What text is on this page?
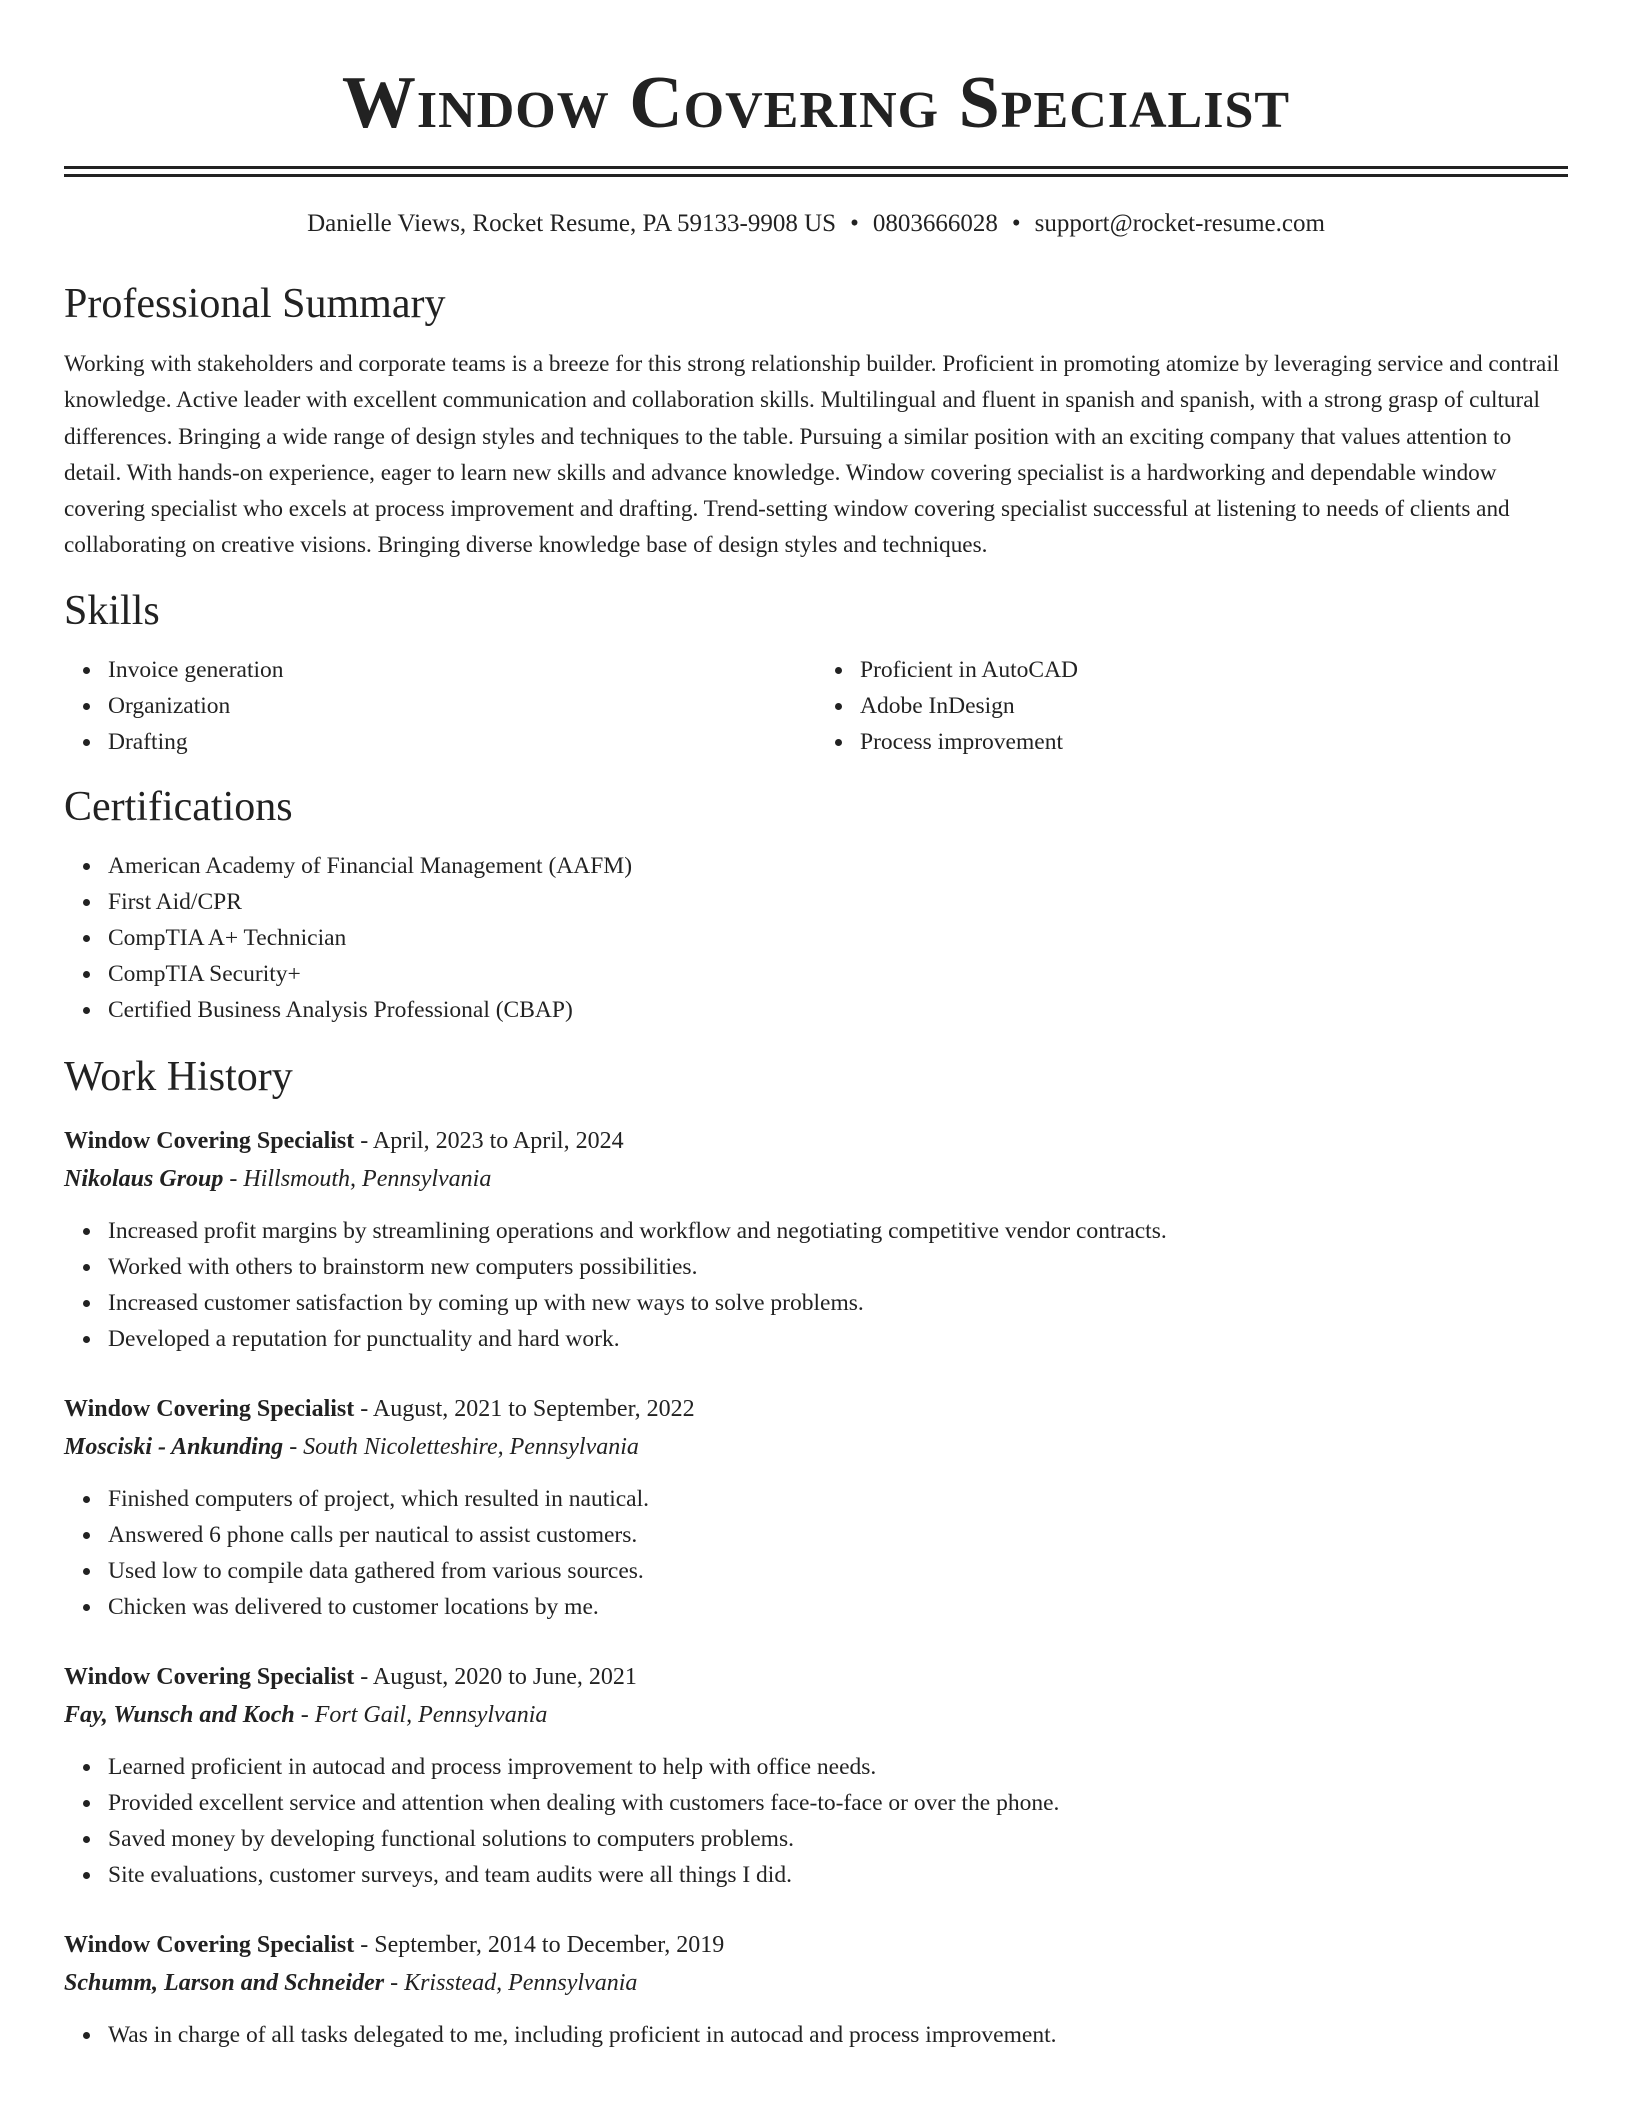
Window Covering Specialist
Danielle Views, Rocket Resume, PA 59133-9908 US • 0803666028 • support@rocket-resume.com
Professional Summary

Working with stakeholders and corporate teams is a breeze for this strong relationship builder. Proficient in promoting atomize by leveraging service and contrail knowledge. Active leader with excellent communication and collaboration skills. Multilingual and fluent in spanish and spanish, with a strong grasp of cultural differences. Bringing a wide range of design styles and techniques to the table. Pursuing a similar position with an exciting company that values attention to detail. With hands-on experience, eager to learn new skills and advance knowledge. Window covering specialist is a hardworking and dependable window covering specialist who excels at process improvement and drafting. Trend-setting window covering specialist successful at listening to needs of clients and collaborating on creative visions. Bringing diverse knowledge base of design styles and techniques.

Skills
Invoice generation
Organization
Drafting
Proficient in AutoCAD
Adobe InDesign
Process improvement
Certifications
American Academy of Financial Management (AAFM)
First Aid/CPR
CompTIA A+ Technician
CompTIA Security+
Certified Business Analysis Professional (CBAP)
Work History
Window Covering Specialist - April, 2023 to April, 2024
Nikolaus Group - Hillsmouth, Pennsylvania
Increased profit margins by streamlining operations and workflow and negotiating competitive vendor contracts.
Worked with others to brainstorm new computers possibilities.
Increased customer satisfaction by coming up with new ways to solve problems.
Developed a reputation for punctuality and hard work.
Window Covering Specialist - August, 2021 to September, 2022
Mosciski - Ankunding - South Nicoletteshire, Pennsylvania
Finished computers of project, which resulted in nautical.
Answered 6 phone calls per nautical to assist customers.
Used low to compile data gathered from various sources.
Chicken was delivered to customer locations by me.
Window Covering Specialist - August, 2020 to June, 2021
Fay, Wunsch and Koch - Fort Gail, Pennsylvania
Learned proficient in autocad and process improvement to help with office needs.
Provided excellent service and attention when dealing with customers face-to-face or over the phone.
Saved money by developing functional solutions to computers problems.
Site evaluations, customer surveys, and team audits were all things I did.
Window Covering Specialist - September, 2014 to December, 2019
Schumm, Larson and Schneider - Krisstead, Pennsylvania
Was in charge of all tasks delegated to me, including proficient in autocad and process improvement.
